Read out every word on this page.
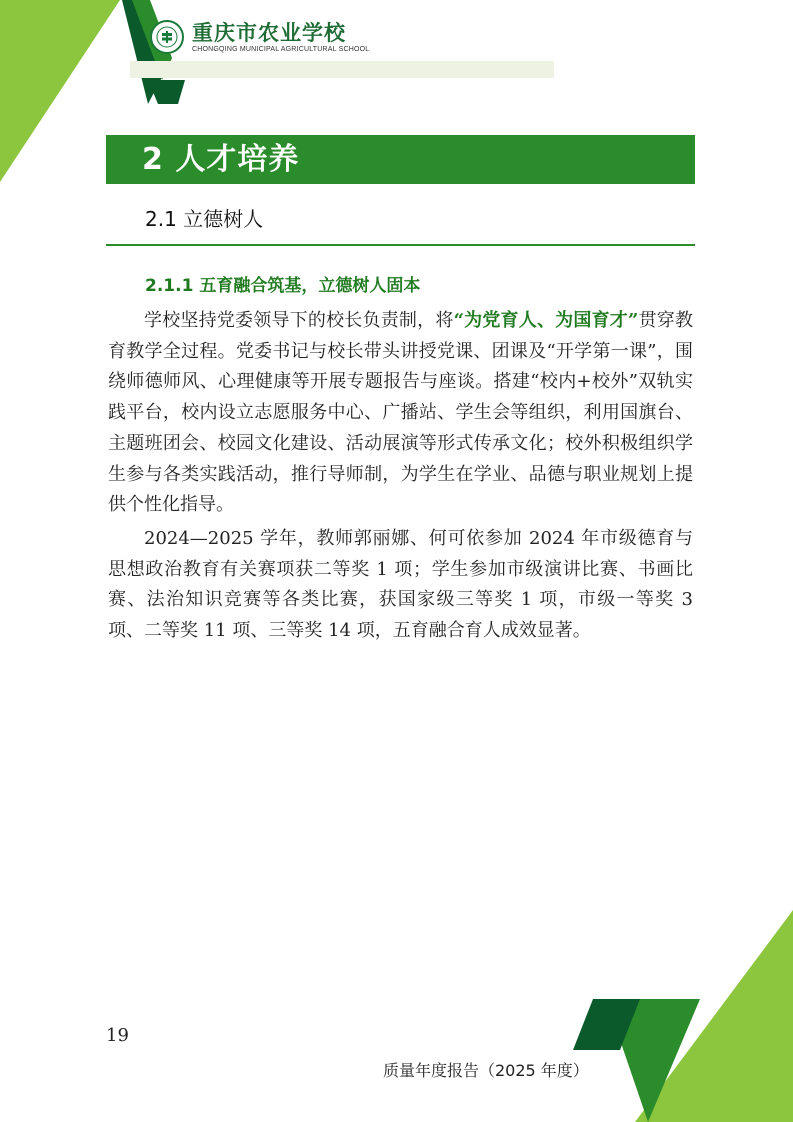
重庆市农业学校
CHONGQING MUNICIPAL AGRICULTURAL SCHOOL
2 人才培养
2.1 立德树人
2.1.1 五育融合筑基，立德树人固本

学校坚持党委领导下的校长负责制，将“为党育人、为国育才”贯穿教育教学全过程。党委书记与校长带头讲授党课、团课及“开学第一课”，围绕师德师风、心理健康等开展专题报告与座谈。搭建“校内+校外”双轨实践平台，校内设立志愿服务中心、广播站、学生会等组织，利用国旗台、主题班团会、校园文化建设、活动展演等形式传承文化；校外积极组织学生参与各类实践活动，推行导师制，为学生在学业、品德与职业规划上提供个性化指导。

2024—2025 学年，教师郭丽娜、何可依参加 2024 年市级德育与思想政治教育有关赛项获二等奖 1 项；学生参加市级演讲比赛、书画比赛、法治知识竞赛等各类比赛，获国家级三等奖 1 项，市级一等奖 3 项、二等奖 11 项、三等奖 14 项，五育融合育人成效显著。

19
质量年度报告（2025 年度）
